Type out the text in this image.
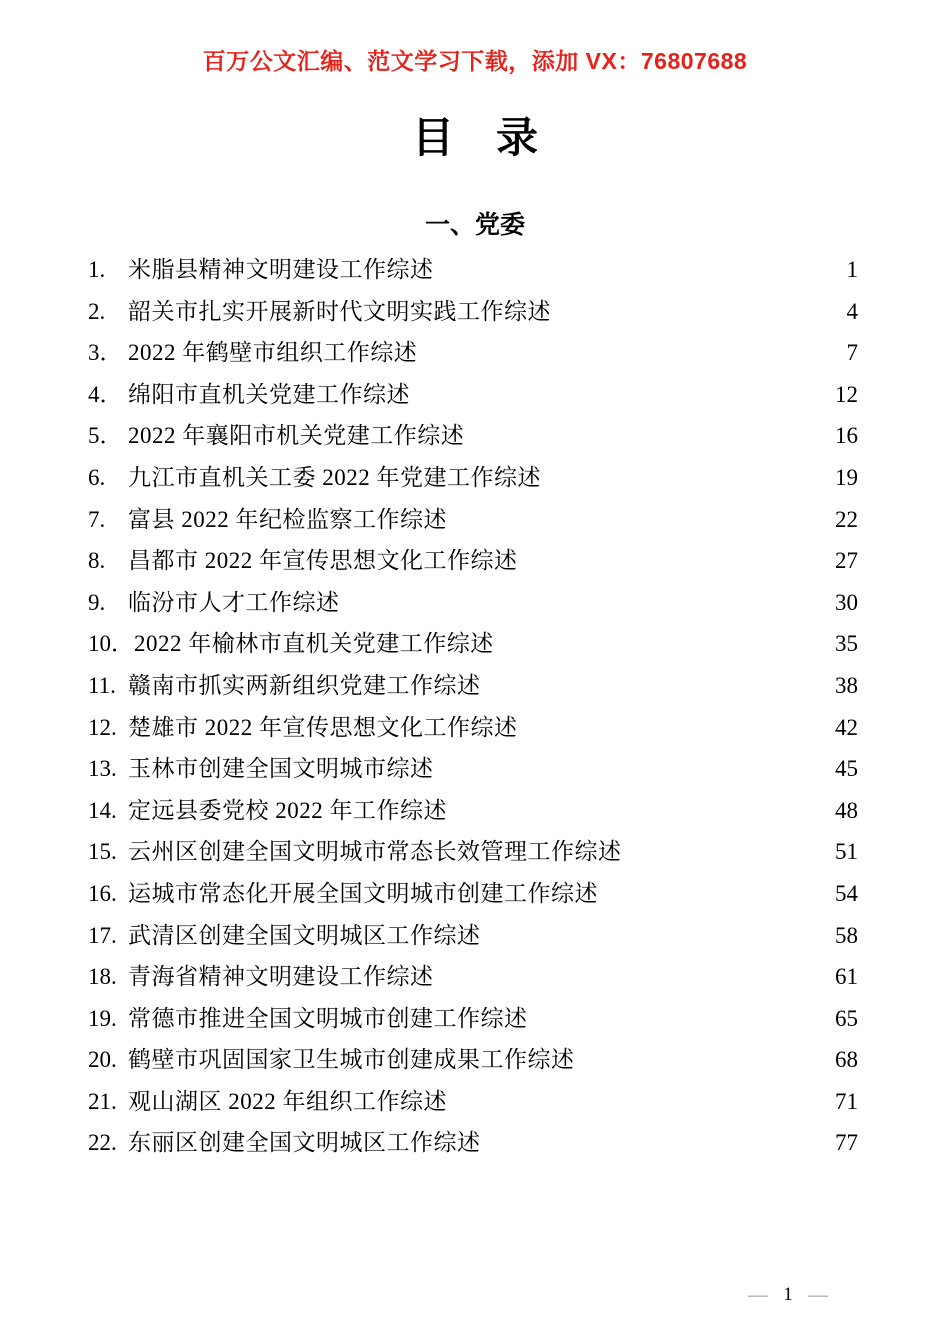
百万公文汇编、范文学习下载，添加 VX：76807688
目　录
一、党委
1. 米脂县精神文明建设工作综述	1
2. 韶关市扎实开展新时代文明实践工作综述	4
3． 2022 年鹤壁市组织工作综述	7
4． 绵阳市直机关党建工作综述	12
5． 2022 年襄阳市机关党建工作综述	16
6. 九江市直机关工委 2022 年党建工作综述	19
7. 富县 2022 年纪检监察工作综述	22
8. 昌都市 2022 年宣传思想文化工作综述	27
9. 临汾市人才工作综述	30
10． 2022 年榆林市直机关党建工作综述	35
11. 赣南市抓实两新组织党建工作综述	38
12. 楚雄市 2022 年宣传思想文化工作综述	42
13. 玉林市创建全国文明城市综述	45
14. 定远县委党校 2022 年工作综述	48
15. 云州区创建全国文明城市常态长效管理工作综述	51
16. 运城市常态化开展全国文明城市创建工作综述	54
17. 武清区创建全国文明城区工作综述	58
18. 青海省精神文明建设工作综述	61
19. 常德市推进全国文明城市创建工作综述	65
20. 鹤壁市巩固国家卫生城市创建成果工作综述	68
21. 观山湖区 2022 年组织工作综述	71
22. 东丽区创建全国文明城区工作综述	77
— 1 —
